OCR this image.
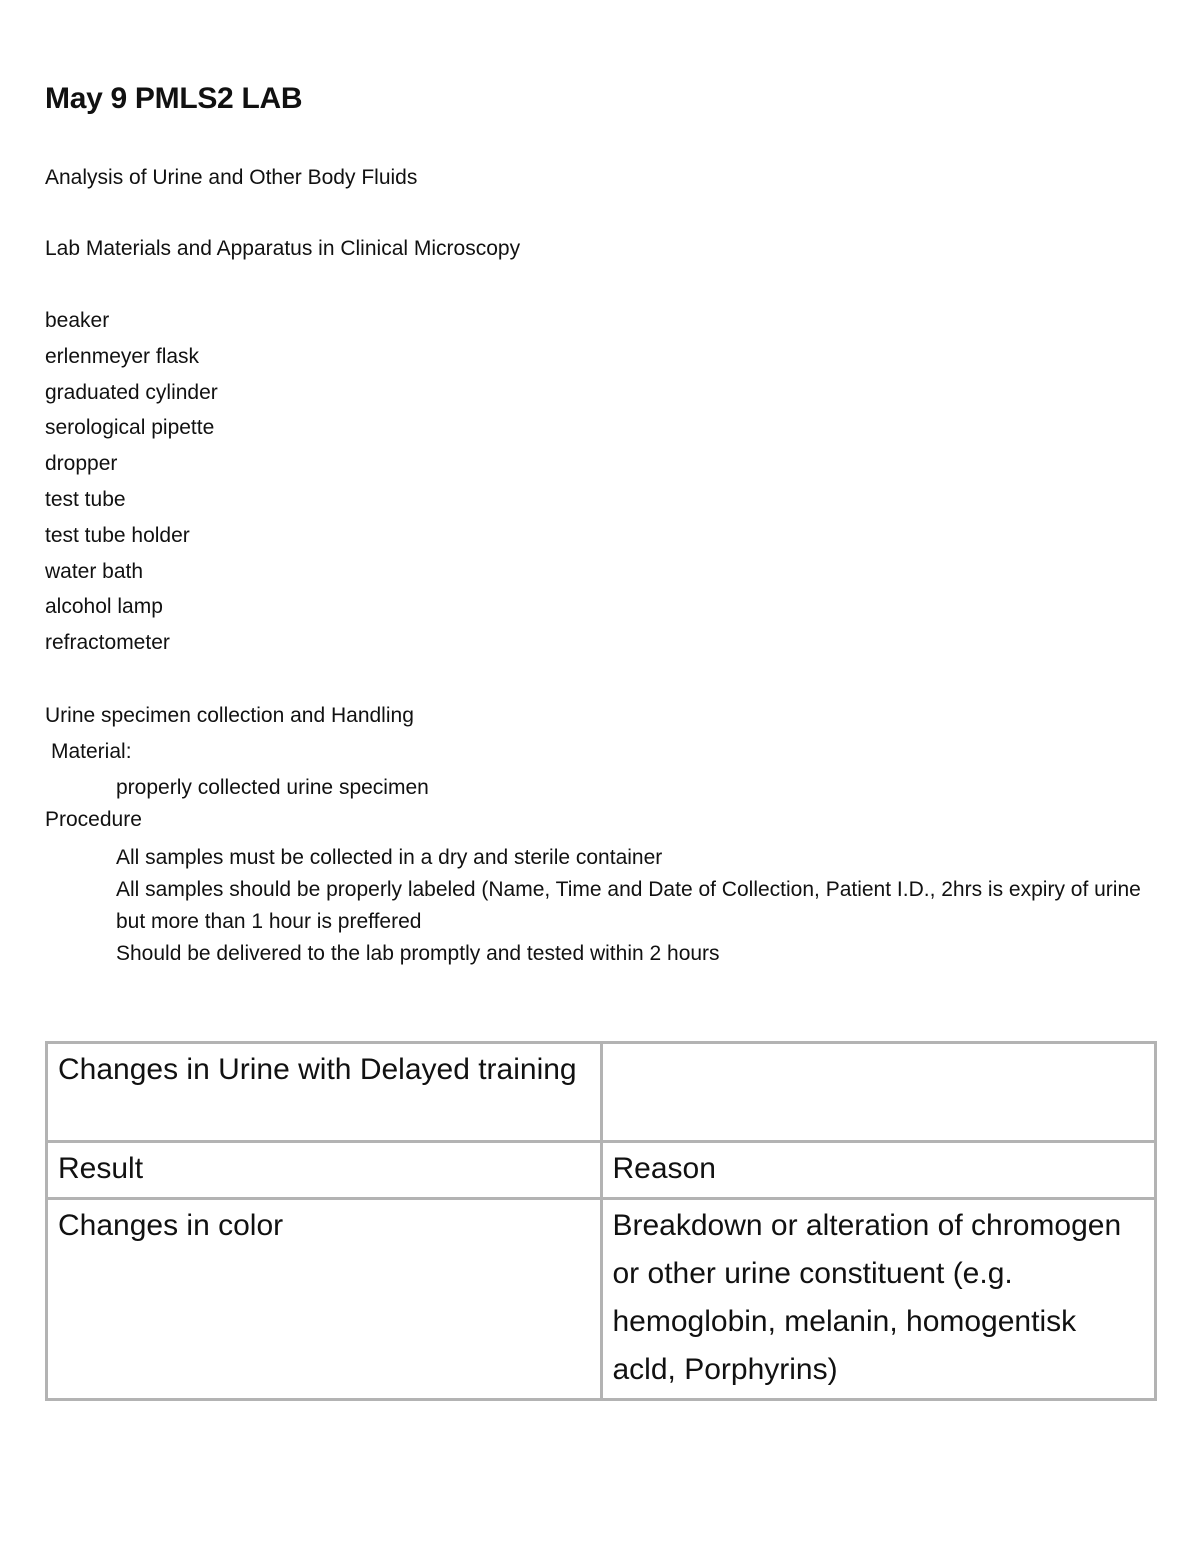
May 9 PMLS2 LAB

Analysis of Urine and Other Body Fluids

Lab Materials and Apparatus in Clinical Microscopy

beaker
erlenmeyer flask
graduated cylinder
serological pipette
dropper
test tube
test tube holder
water bath
alcohol lamp
refractometer

Urine specimen collection and Handling

Material:

properly collected urine specimen

Procedure

All samples must be collected in a dry and sterile container
All samples should be properly labeled (Name, Time and Date of Collection, Patient I.D., 2hrs is expiry of urine but more than 1 hour is preffered
Should be delivered to the lab promptly and tested within 2 hours
Changes in Urine with Delayed training	
Result	Reason
Changes in color	Breakdown or alteration of chromogen
or other urine constituent (e.g. hemoglobin, melanin, homogentisk acld, Porphyrins)
